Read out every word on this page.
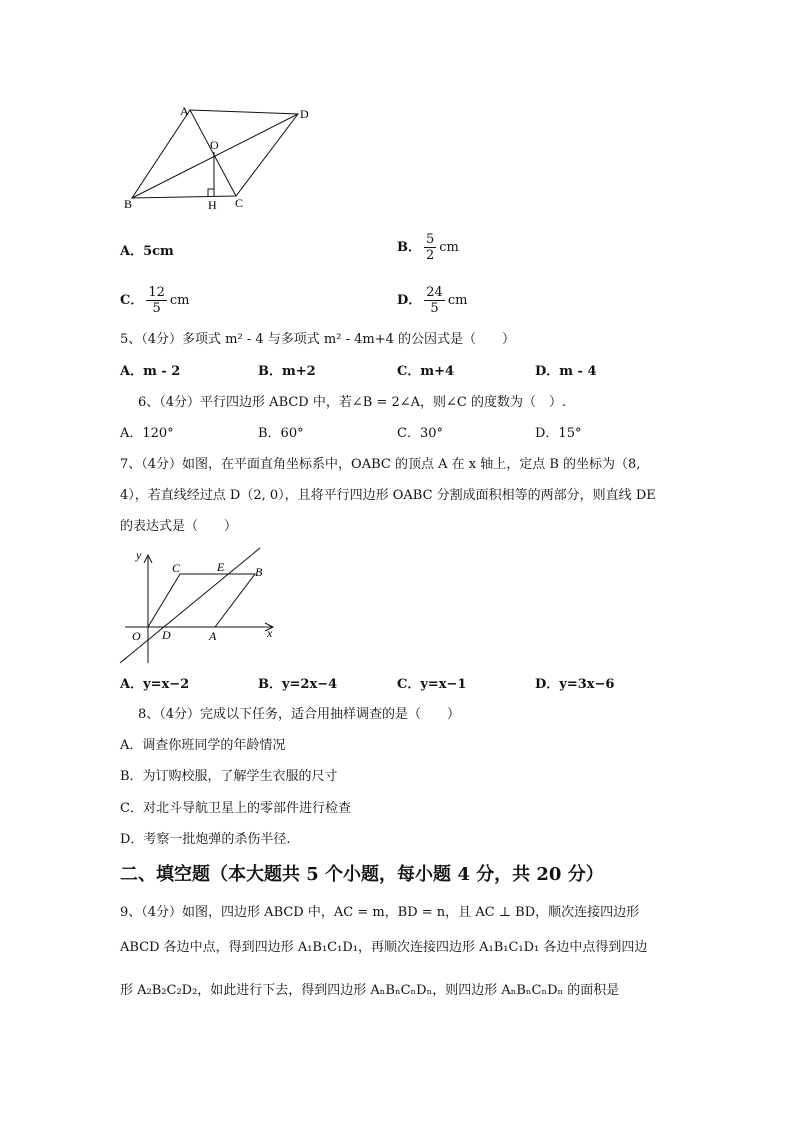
A	D
O
B	H C
A．5cm	B． $\frac{5}{2}$ cm
C． $\frac{12}{5}$ cm	D． $\frac{24}{5}$ cm
5、（4分）多项式 m² - 4 与多项式 m² - 4m+4 的公因式是（　　）
A．m - 2	B．m+2	C．m+4	D．m - 4
6、（4分）平行四边形 ABCD 中，若∠B = 2∠A，则∠C 的度数为（　）.
A．120°	B．60°	C．30°	D．15°
7、（4分）如图，在平面直角坐标系中，OABC 的顶点 A 在 x 轴上，定点 B 的坐标为（8,
4），若直线经过点 D（2, 0），且将平行四边形 OABC 分割成面积相等的两部分，则直线 DE
的表达式是（　　）
y
C	E	B
O D	A	x
A．y=x−2	B．y=2x−4	C．y=x−1	D．y=3x−6
8、（4分）完成以下任务，适合用抽样调查的是（　　）
A．调查你班同学的年龄情况
B．为订购校服，了解学生衣服的尺寸
C．对北斗导航卫星上的零部件进行检查
D．考察一批炮弹的杀伤半径.
二、填空题（本大题共 5 个小题，每小题 4 分，共 20 分）
9、（4分）如图，四边形 ABCD 中，AC = m，BD = n，且 AC ⊥ BD，顺次连接四边形
ABCD 各边中点，得到四边形 A₁B₁C₁D₁，再顺次连接四边形 A₁B₁C₁D₁ 各边中点得到四边
形 A₂B₂C₂D₂，如此进行下去，得到四边形 AₙBₙCₙDₙ，则四边形 AₙBₙCₙDₙ 的面积是
